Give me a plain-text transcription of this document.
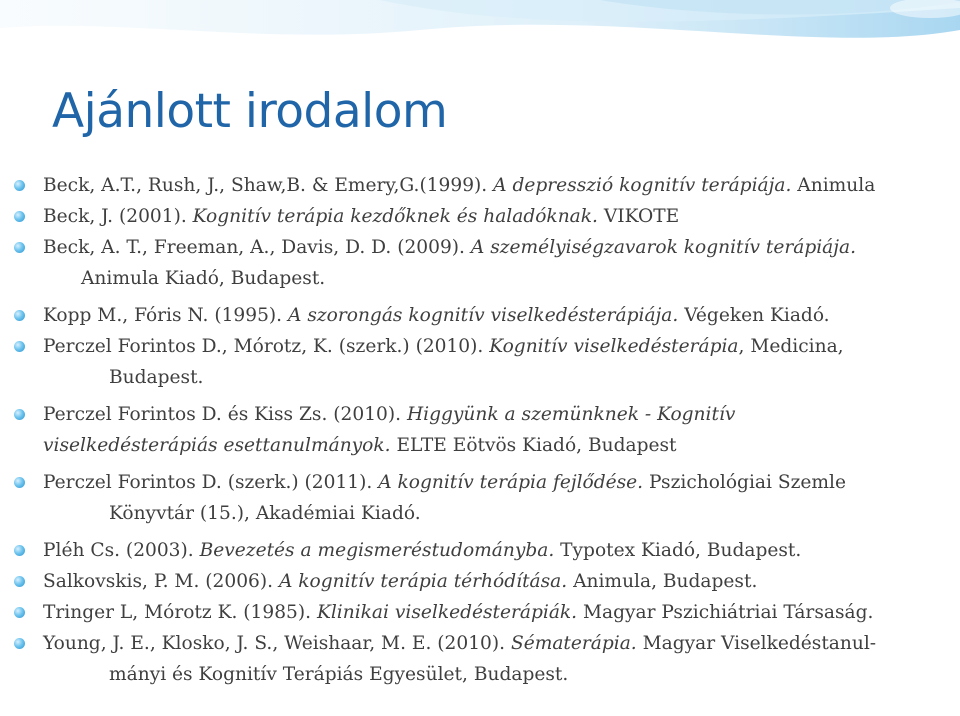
Ajánlott irodalom
Beck, A.T., Rush, J., Shaw,B. & Emery,G.(1999). A depresszió kognitív terápiája. Animula
Beck, J. (2001). Kognitív terápia kezdőknek és haladóknak. VIKOTE
Beck, A. T., Freeman, A., Davis, D. D. (2009). A személyiségzavarok kognitív terápiája.
Animula Kiadó, Budapest.
Kopp M., Fóris N. (1995). A szorongás kognitív viselkedésterápiája. Végeken Kiadó.
Perczel Forintos D., Mórotz, K. (szerk.) (2010). Kognitív viselkedésterápia, Medicina,
Budapest.
Perczel Forintos D. és Kiss Zs. (2010). Higgyünk a szemünknek - Kognitív
viselkedésterápiás esettanulmányok. ELTE Eötvös Kiadó, Budapest
Perczel Forintos D. (szerk.) (2011). A kognitív terápia fejlődése. Pszichológiai Szemle
Könyvtár (15.), Akadémiai Kiadó.
Pléh Cs. (2003). Bevezetés a megismeréstudományba. Typotex Kiadó, Budapest.
Salkovskis, P. M. (2006). A kognitív terápia térhódítása. Animula, Budapest.
Tringer L, Mórotz K. (1985). Klinikai viselkedésterápiák. Magyar Pszichiátriai Társaság.
Young, J. E., Klosko, J. S., Weishaar, M. E. (2010). Sématerápia. Magyar Viselkedéstanul-
mányi és Kognitív Terápiás Egyesület, Budapest.
